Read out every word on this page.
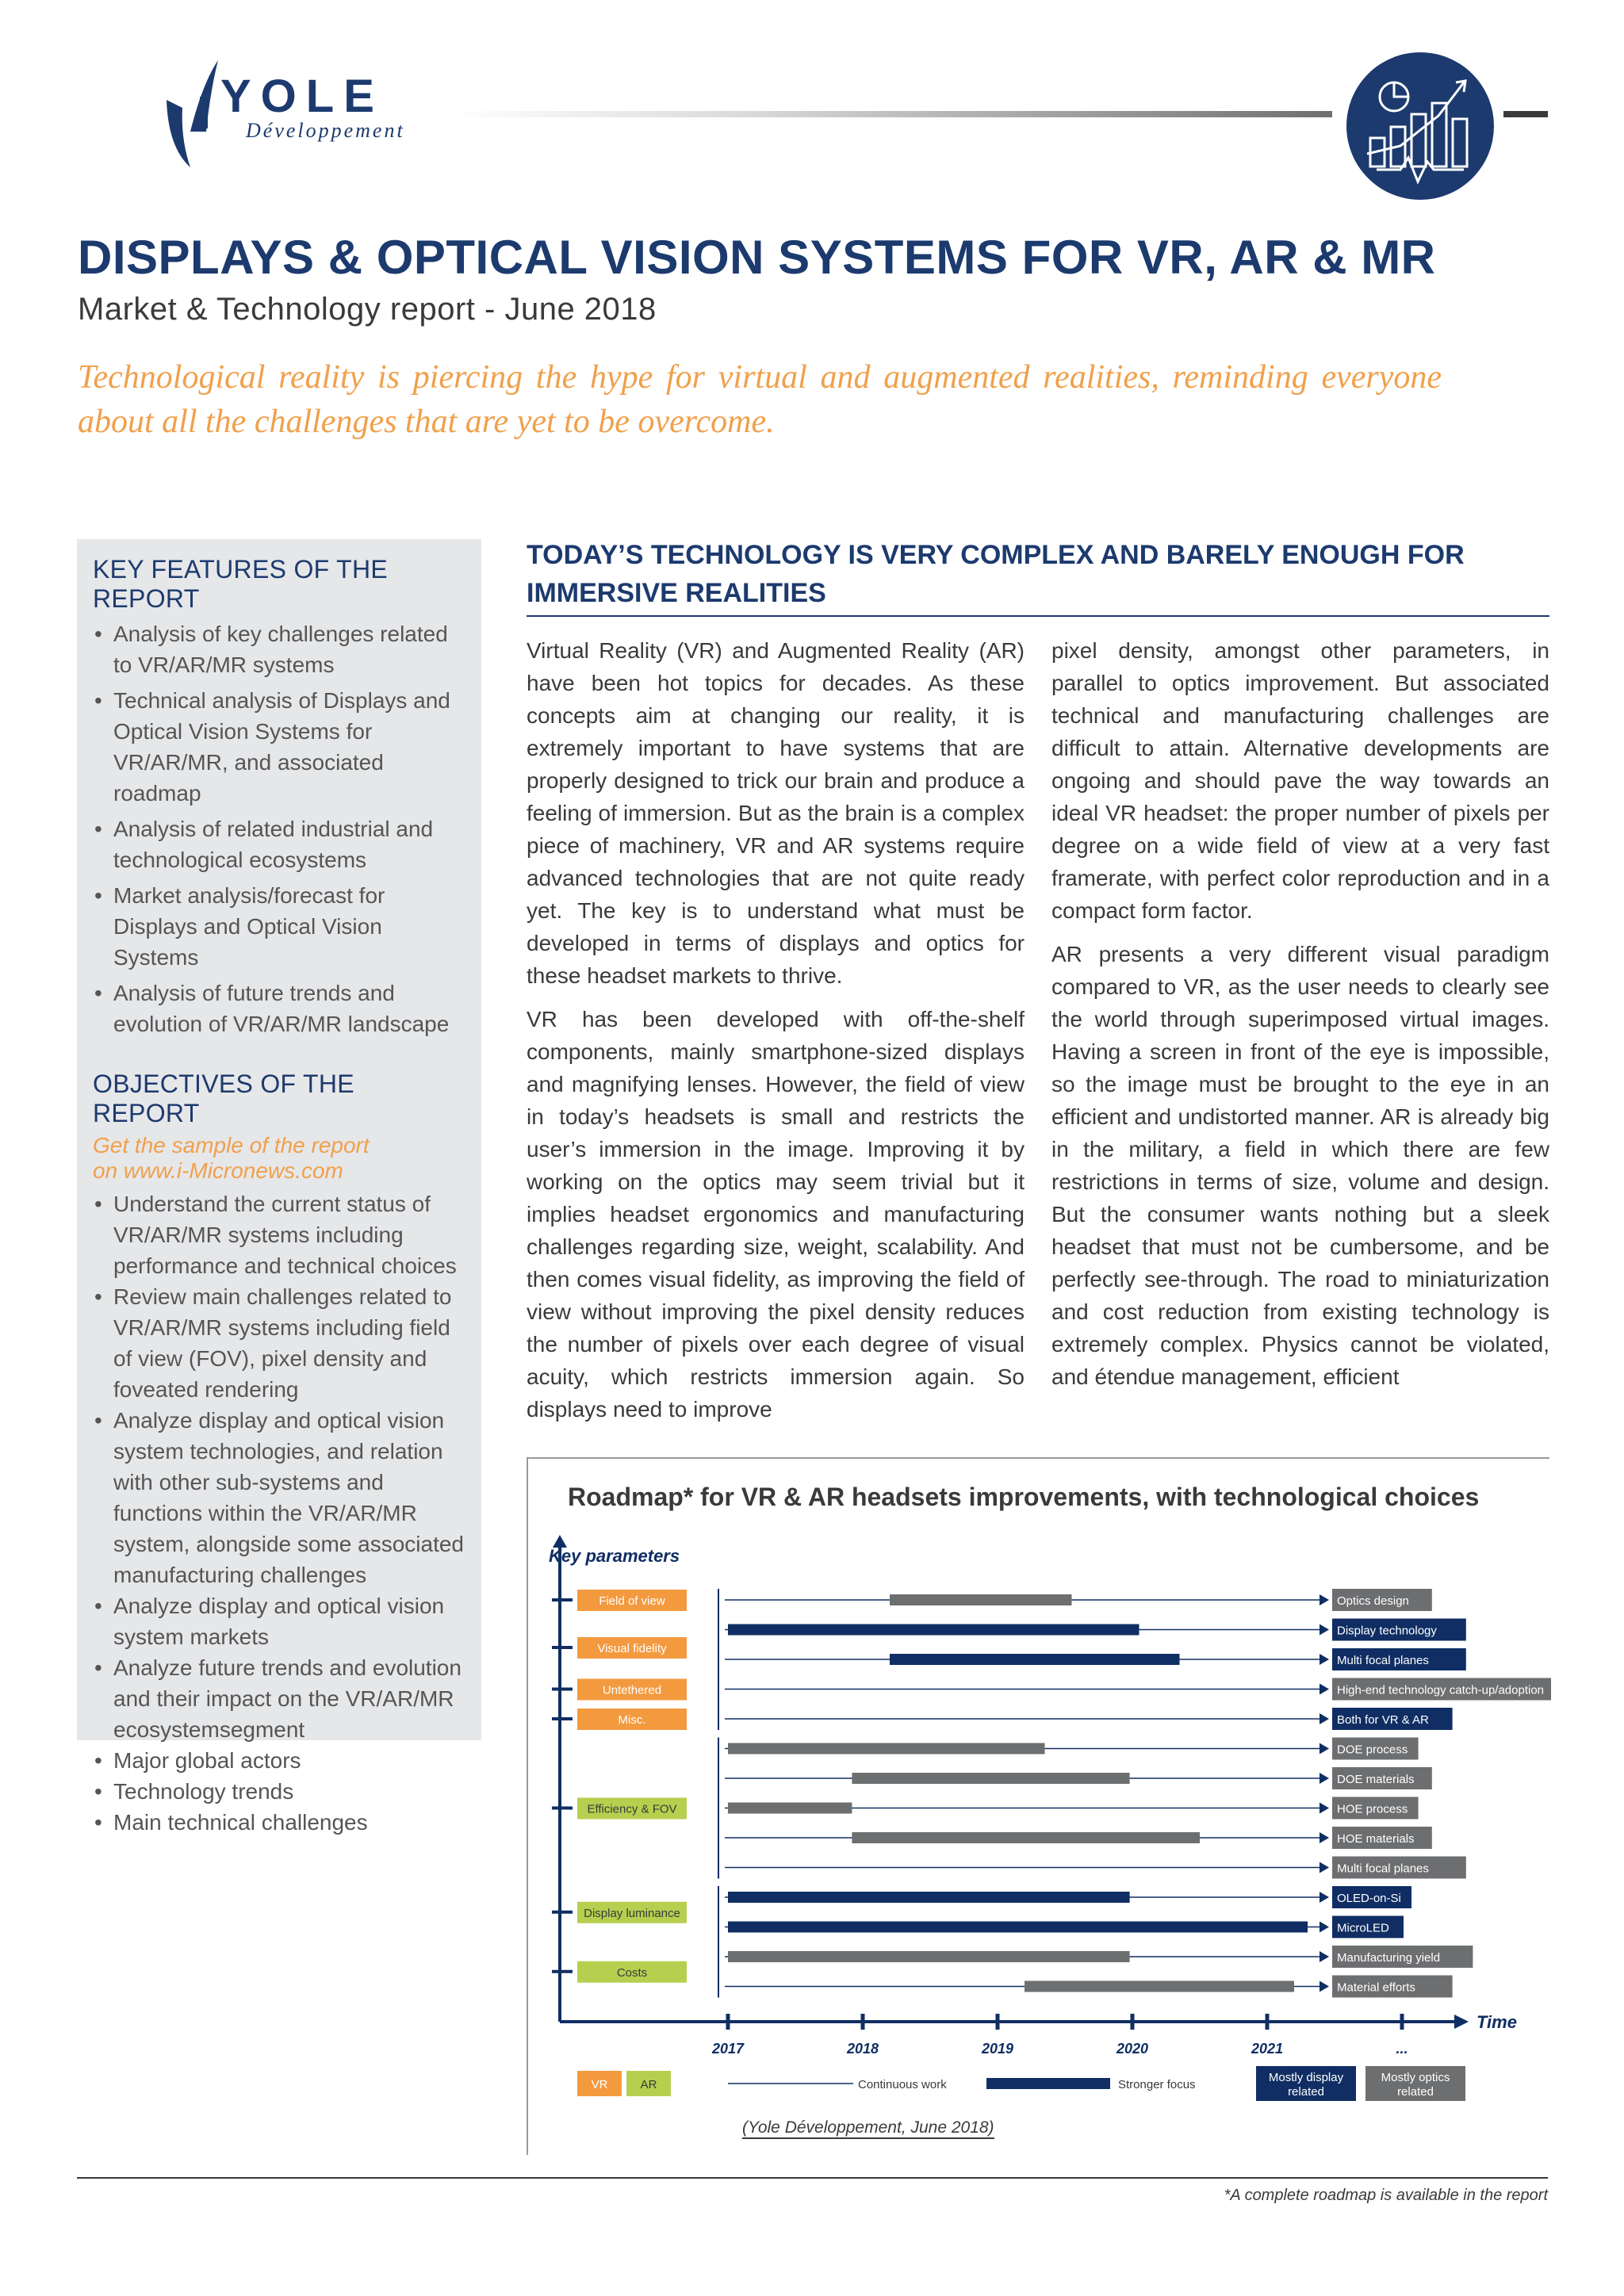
YOLE
Développement
DISPLAYS & OPTICAL VISION SYSTEMS FOR VR, AR & MR
Market & Technology report - June 2018
Technological reality is piercing the hype for virtual and augmented realities, reminding everyone about all the challenges that are yet to be overcome.
KEY FEATURES OF THE REPORT
• Analysis of key challenges related to VR/AR/MR systems
• Technical analysis of Displays and Optical Vision Systems for VR/AR/MR, and associated roadmap
• Analysis of related industrial and technological ecosystems
• Market analysis/forecast for Displays and Optical Vision Systems
• Analysis of future trends and evolution of VR/AR/MR landscape
OBJECTIVES OF THE REPORT
Get the sample of the report
on www.i-Micronews.com
• Understand the current status of VR/AR/MR systems including performance and technical choices
• Review main challenges related to VR/AR/MR systems including field of view (FOV), pixel density and foveated rendering
• Analyze display and optical vision system technologies, and relation with other sub-systems and functions within the VR/AR/MR system, alongside some associated manufacturing challenges
• Analyze display and optical vision system markets
• Analyze future trends and evolution and their impact on the VR/AR/MR ecosystemsegment
• Major global actors
• Technology trends
• Main technical challenges
TODAY’S TECHNOLOGY IS VERY COMPLEX AND BARELY ENOUGH FOR IMMERSIVE REALITIES

Virtual Reality (VR) and Augmented Reality (AR) have been hot topics for decades. As these concepts aim at changing our reality, it is extremely important to have systems that are properly designed to trick our brain and produce a feeling of immersion. But as the brain is a complex piece of machinery, VR and AR systems require advanced technologies that are not quite ready yet. The key is to understand what must be developed in terms of displays and optics for these headset markets to thrive.

VR has been developed with off-the-shelf components, mainly smartphone-sized displays and magnifying lenses. However, the field of view in today’s headsets is small and restricts the user’s immersion in the image. Improving it by working on the optics may seem trivial but it implies headset ergonomics and manufacturing challenges regarding size, weight, scalability. And then comes visual fidelity, as improving the field of view without improving the pixel density reduces the number of pixels over each degree of visual acuity, which restricts immersion again. So displays need to improve

pixel density, amongst other parameters, in parallel to optics improvement. But associated technical and manufacturing challenges are difficult to attain. Alternative developments are ongoing and should pave the way towards an ideal VR headset: the proper number of pixels per degree on a wide field of view at a very fast framerate, with perfect color reproduction and in a compact form factor.

AR presents a very different visual paradigm compared to VR, as the user needs to clearly see the world through superimposed virtual images. Having a screen in front of the eye is impossible, so the image must be brought to the eye in an efficient and undistorted manner. AR is already big in the military, a field in which there are few restrictions in terms of size, volume and design. But the consumer wants nothing but a sleek headset that must not be cumbersome, and be perfectly see-through. The road to miniaturization and cost reduction from existing technology is extremely complex. Physics cannot be violated, and étendue management, efficient

Roadmap* for VR & AR headsets improvements, with technological choices
Key parameters
Time
2017	2018	2019	2020	2021	...
Field of view
Visual fidelity
Untethered
Misc.
Efficiency & FOV
Display luminance
Costs
Optics design
Display technology
Multi focal planes
High-end technology catch-up/adoption
Both for VR & AR
DOE process
DOE materials
HOE process
HOE materials
Multi focal planes
OLED-on-Si
MicroLED
Manufacturing yield
Material efforts
VR	AR	Continuous work	Stronger focus
Mostly display
related
Mostly optics
related
(Yole Développement, June 2018)
*A complete roadmap is available in the report
